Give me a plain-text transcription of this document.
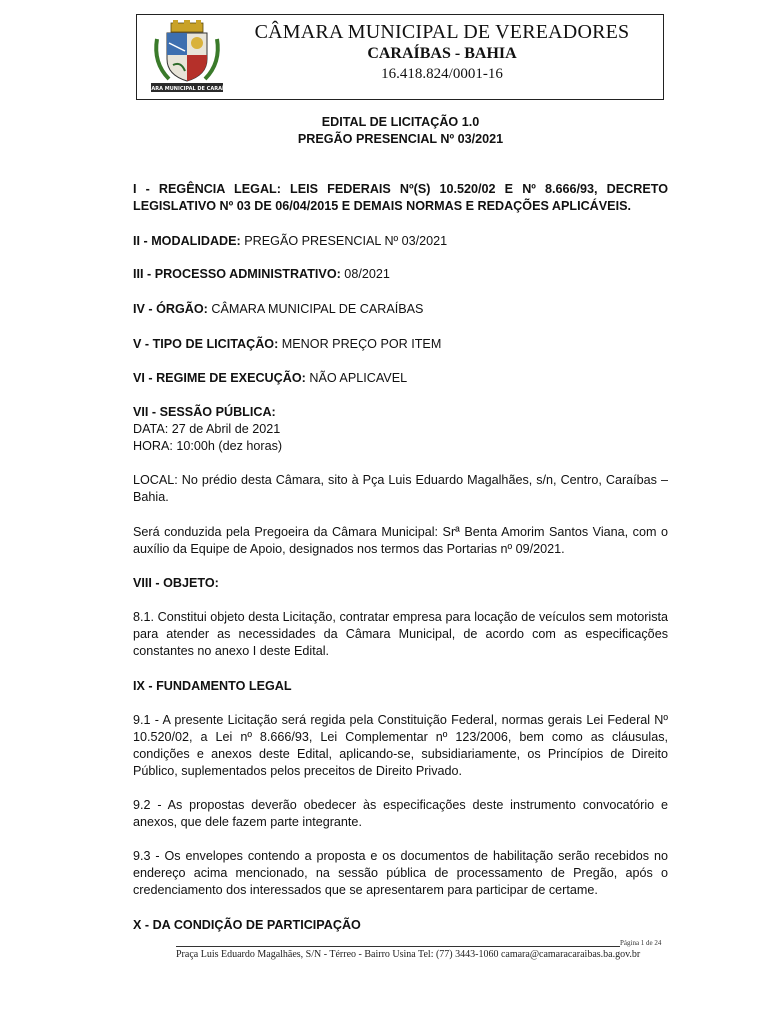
CÂMARA MUNICIPAL DE CARAÍBAS
CÂMARA MUNICIPAL DE VEREADORES
CARAÍBAS - BAHIA
16.418.824/0001-16
EDITAL DE LICITAÇÃO 1.0
PREGÃO PRESENCIAL Nº 03/2021

I - REGÊNCIA LEGAL: LEIS FEDERAIS Nº(S) 10.520/02 E Nº 8.666/93, DECRETO LEGISLATIVO Nº 03 DE 06/04/2015 E DEMAIS NORMAS E REDAÇÕES APLICÁVEIS.

II - MODALIDADE: PREGÃO PRESENCIAL Nº 03/2021

III - PROCESSO ADMINISTRATIVO: 08/2021

IV - ÓRGÃO: CÂMARA MUNICIPAL DE CARAÍBAS

V - TIPO DE LICITAÇÃO: MENOR PREÇO POR ITEM

VI - REGIME DE EXECUÇÃO: NÃO APLICAVEL

VII - SESSÃO PÚBLICA:

DATA: 27 de Abril de 2021

HORA: 10:00h (dez horas)

LOCAL: No prédio desta Câmara, sito à Pça Luis Eduardo Magalhães, s/n, Centro, Caraíbas – Bahia.

Será conduzida pela Pregoeira da Câmara Municipal: Srª Benta Amorim Santos Viana, com o auxílio da Equipe de Apoio, designados nos termos das Portarias nº 09/2021.

VIII - OBJETO:

8.1. Constitui objeto desta Licitação, contratar empresa para locação de veículos sem motorista para atender as necessidades da Câmara Municipal, de acordo com as especificações constantes no anexo I deste Edital.

IX - FUNDAMENTO LEGAL

9.1 - A presente Licitação será regida pela Constituição Federal, normas gerais Lei Federal Nº 10.520/02, a Lei nº 8.666/93, Lei Complementar nº 123/2006, bem como as cláusulas, condições e anexos deste Edital, aplicando-se, subsidiariamente, os Princípios de Direito Público, suplementados pelos preceitos de Direito Privado.

9.2 - As propostas deverão obedecer às especificações deste instrumento convocatório e anexos, que dele fazem parte integrante.

9.3 - Os envelopes contendo a proposta e os documentos de habilitação serão recebidos no endereço acima mencionado, na sessão pública de processamento de Pregão, após o credenciamento dos interessados que se apresentarem para participar de certame.

X - DA CONDIÇÃO DE PARTICIPAÇÃO

Página 1 de 24
Praça Luis Eduardo Magalhães, S/N - Térreo - Bairro Usina Tel: (77) 3443-1060 camara@camaracaraibas.ba.gov.br
